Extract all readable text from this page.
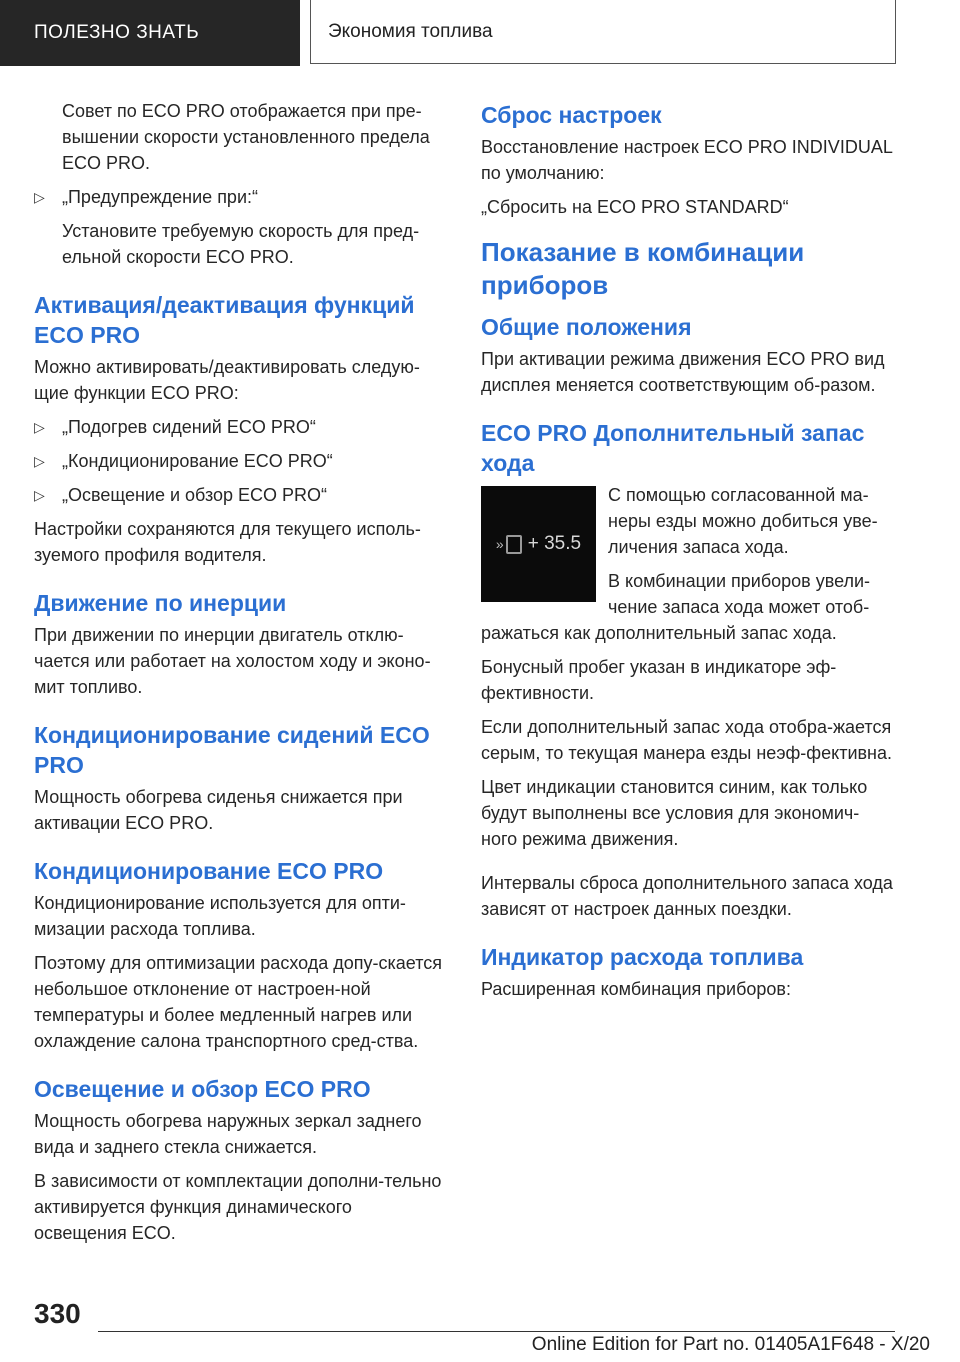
ПОЛЕЗНО ЗНАТЬ	Экономия топлива

Совет по ECO PRO отображается при пре-вышении скорости установленного предела ECO PRO.

▷ „Предупреждение при:“

Установите требуемую скорость для пред-ельной скорости ECO PRO.

Активация/деактивация функций ECO PRO

Можно активировать/деактивировать следую-щие функции ECO PRO:

▷ „Подогрев сидений ECO PRO“
▷ „Кондиционирование ECO PRO“
▷ „Освещение и обзор ECO PRO“

Настройки сохраняются для текущего исполь-зуемого профиля водителя.

Движение по инерции

При движении по инерции двигатель отклю-чается или работает на холостом ходу и эконо-мит топливо.

Кондиционирование сидений ECO PRO

Мощность обогрева сиденья снижается при активации ECO PRO.

Кондиционирование ECO PRO

Кондиционирование используется для опти-мизации расхода топлива.

Поэтому для оптимизации расхода допу-скается небольшое отклонение от настроен-ной температуры и более медленный нагрев или охлаждение салона транспортного сред-ства.

Освещение и обзор ECO PRO

Мощность обогрева наружных зеркал заднего вида и заднего стекла снижается.

В зависимости от комплектации дополни-тельно активируется функция динамического освещения ECO.

Сброс настроек

Восстановление настроек ECO PRO INDIVIDUAL по умолчанию:

„Сбросить на ECO PRO STANDARD“

Показание в комбинации приборов
Общие положения

При активации режима движения ECO PRO вид дисплея меняется соответствующим об-разом.

ECO PRO Дополнительный запас хода
» + 35.5

С помощью согласованной ма-неры езды можно добиться уве-личения запаса хода.

В комбинации приборов увели-чение запаса хода может отоб-ражаться как дополнительный запас хода.

Бонусный пробег указан в индикаторе эф-фективности.

Если дополнительный запас хода отобра-жается серым, то текущая манера езды неэф-фективна.

Цвет индикации становится синим, как только будут выполнены все условия для экономич-ного режима движения.

Интервалы сброса дополнительного запаса хода зависят от настроек данных поездки.

Индикатор расхода топлива

Расширенная комбинация приборов:

330
Online Edition for Part no. 01405A1F648 - X/20
